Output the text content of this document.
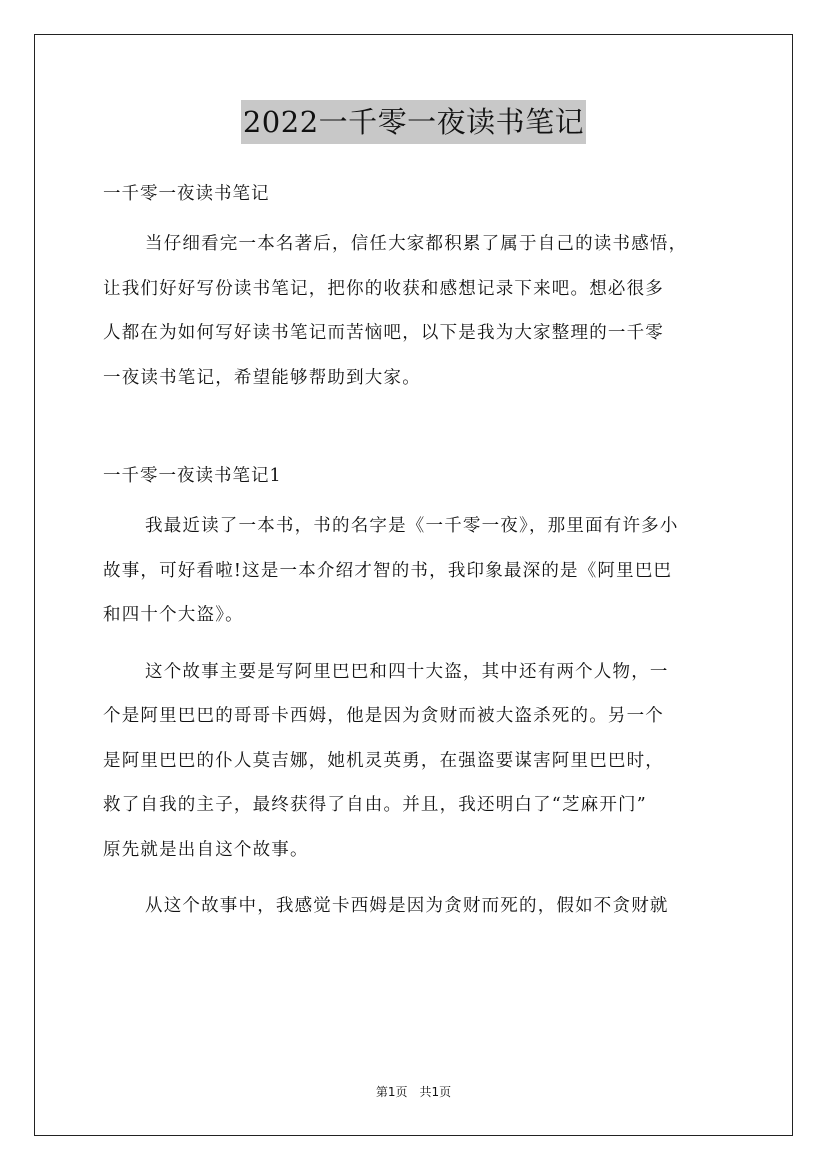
2022一千零一夜读书笔记

一千零一夜读书笔记

当仔细看完一本名著后，信任大家都积累了属于自己的读书感悟，
让我们好好写份读书笔记，把你的收获和感想记录下来吧。想必很多
人都在为如何写好读书笔记而苦恼吧，以下是我为大家整理的一千零
一夜读书笔记，希望能够帮助到大家。

一千零一夜读书笔记1

我最近读了一本书，书的名字是《一千零一夜》，那里面有许多小
故事，可好看啦!这是一本介绍才智的书，我印象最深的是《阿里巴巴
和四十个大盗》。

这个故事主要是写阿里巴巴和四十大盗，其中还有两个人物，一
个是阿里巴巴的哥哥卡西姆，他是因为贪财而被大盗杀死的。另一个
是阿里巴巴的仆人莫吉娜，她机灵英勇，在强盗要谋害阿里巴巴时，
救了自我的主子，最终获得了自由。并且，我还明白了“芝麻开门”
原先就是出自这个故事。

从这个故事中，我感觉卡西姆是因为贪财而死的，假如不贪财就

第1页　共1页
